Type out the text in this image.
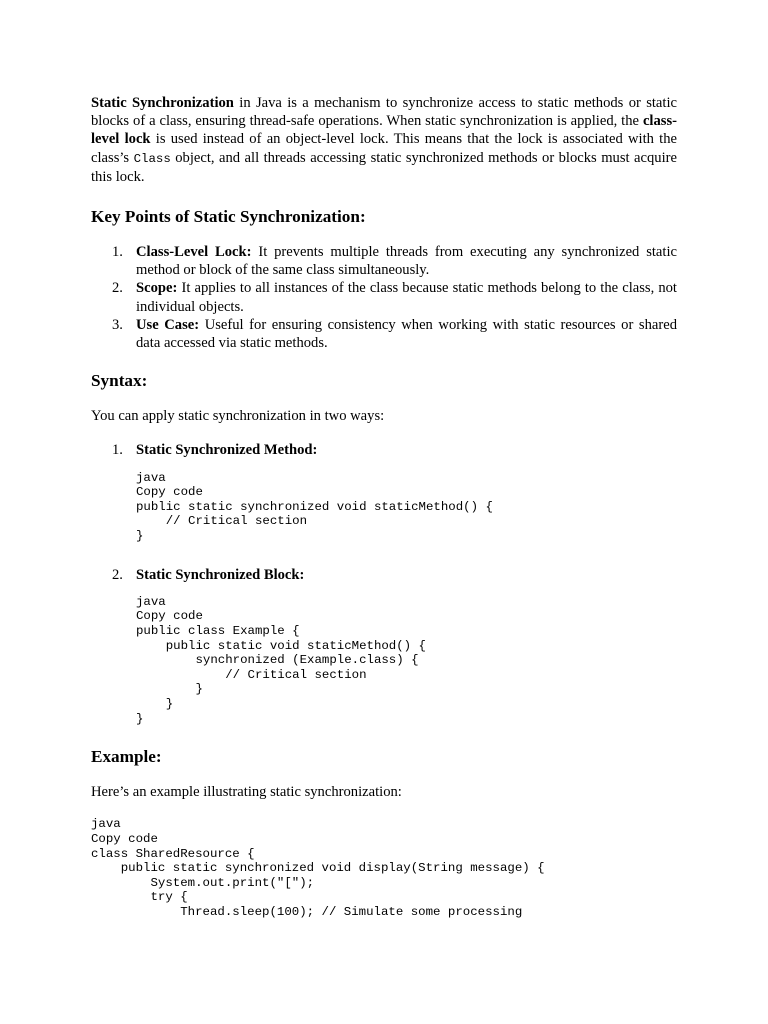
Static Synchronization in Java is a mechanism to synchronize access to static methods or static blocks of a class, ensuring thread-safe operations. When static synchronization is applied, the class-level lock is used instead of an object-level lock. This means that the lock is associated with the class’s Class object, and all threads accessing static synchronized methods or blocks must acquire this lock.

Key Points of Static Synchronization:
1. Class-Level Lock: It prevents multiple threads from executing any synchronized static method or block of the same class simultaneously.
2. Scope: It applies to all instances of the class because static methods belong to the class, not individual objects.
3. Use Case: Useful for ensuring consistency when working with static resources or shared data accessed via static methods.
Syntax:

You can apply static synchronization in two ways:

1. Static Synchronized Method:
java
Copy code
public static synchronized void staticMethod() {
// Critical section
}
2. Static Synchronized Block:
java
Copy code
public class Example {
public static void staticMethod() {
synchronized (Example.class) {
// Critical section
}
}
}
Example:

Here’s an example illustrating static synchronization:

java
Copy code
class SharedResource {
public static synchronized void display(String message) {
System.out.print("[");
try {
Thread.sleep(100); // Simulate some processing
